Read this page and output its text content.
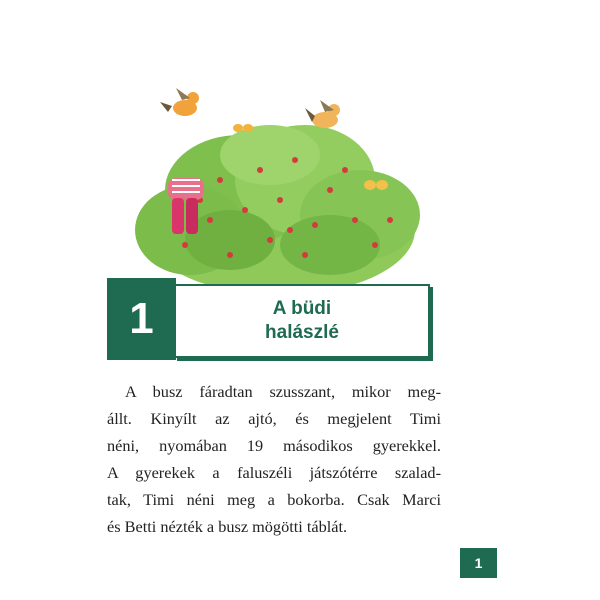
1	A büdi
halászlé
A busz fáradtan szusszant, mikor meg-
állt. Kinyílt az ajtó, és megjelent Timi
néni, nyomában 19 másodikos gyerekkel.
A gyerekek a faluszéli játszótérre szalad-
tak, Timi néni meg a bokorba. Csak Marci
és Betti nézték a busz mögötti táblát.
1
